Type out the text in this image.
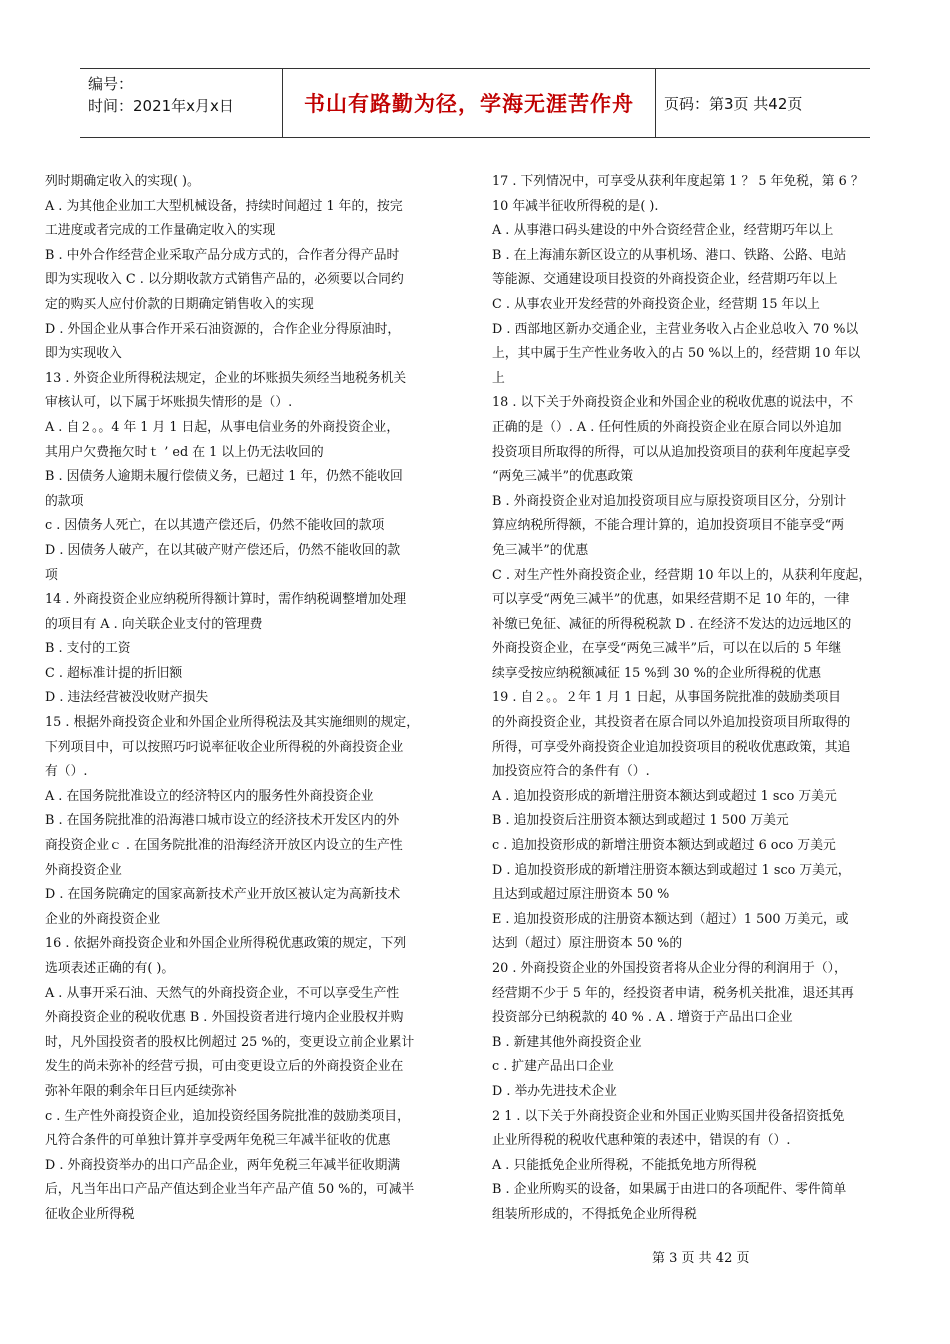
编号：
时间：2021年x月x日	书山有路勤为径，学海无涯苦作舟	页码：第3页 共42页

列时期确定收入的实现( )。

A . 为其他企业加工大型机械设备，持续时间超过 1 年的，按完

工进度或者完成的工作量确定收入的实现

B . 中外合作经营企业采取产品分成方式的，合作者分得产品时

即为实现收入 C . 以分期收款方式销售产品的，必须要以合同约

定的购买人应付价款的日期确定销售收入的实现

D . 外国企业从事合作开采石油资源的，合作企业分得原油时，

即为实现收入

13 . 外资企业所得税法规定，企业的坏账损失须经当地税务机关

审核认可，以下属于坏账损失情形的是（）.

A . 自２。。4 年 1 月 1 日起，从事电信业务的外商投资企业，

其用户欠费拖欠时ｔ ’ ed 在 1 以上仍无法收回的

B . 因债务人逾期未履行偿债义务，已超过 1 年，仍然不能收回

的款项

c . 因债务人死亡，在以其遗产偿还后，仍然不能收回的款项

D . 因债务人破产，在以其破产财产偿还后，仍然不能收回的款

项

14 . 外商投资企业应纳税所得额计算时，需作纳税调整增加处理

的项目有 A . 向关联企业支付的管理费

B . 支付的工资

C . 超标准计提的折旧额

D . 违法经营被没收财产损失

15 . 根据外商投资企业和外国企业所得税法及其实施细则的规定，

下列项目中，可以按照巧叼说率征收企业所得税的外商投资企业

有（）.

A . 在国务院批准设立的经济特区内的服务性外商投资企业

B . 在国务院批准的沿海港口城市设立的经济技术开发区内的外

商投资企业ｃ . 在国务院批准的沿海经济开放区内设立的生产性

外商投资企业

D . 在国务院确定的国家高新技术产业开放区被认定为高新技术

企业的外商投资企业

16 . 依据外商投资企业和外国企业所得税优惠政策的规定，下列

选项表述正确的有( )。

A . 从事开采石油、天然气的外商投资企业，不可以享受生产性

外商投资企业的税收优惠 B . 外国投资者进行境内企业股权并购

时，凡外国投资者的股权比例超过 25 %的，变更设立前企业累计

发生的尚未弥补的经营亏损，可由变更设立后的外商投资企业在

弥补年限的剩余年日巨内延续弥补

c . 生产性外商投资企业，追加投资经国务院批准的鼓励类项目，

凡符合条件的可单独计算并享受两年免税三年减半征收的优惠

D . 外商投资举办的出口产品企业，两年免税三年减半征收期满

后，凡当年出口产品产值达到企业当年产品产值 50 %的，可减半

征收企业所得税

17 . 下列情况中，可享受从获利年度起第 1 ？ 5 年免税，第 6 ？

10 年减半征收所得税的是( ).

A . 从事港口码头建设的中外合资经营企业，经营期巧年以上

B . 在上海浦东新区设立的从事机场、港口、铁路、公路、电站

等能源、交通建设项目投资的外商投资企业，经营期巧年以上

C . 从事农业开发经营的外商投资企业，经营期 15 年以上

D . 西部地区新办交通企业，主营业务收入占企业总收入 70 %以

上，其中属于生产性业务收入的占 50 %以上的，经营期 10 年以

上

18 . 以下关于外商投资企业和外国企业的税收优惠的说法中，不

正确的是（）. A . 任何性质的外商投资企业在原合同以外追加

投资项目所取得的所得，可以从追加投资项目的获利年度起享受

“两免三减半”的优惠政策

B . 外商投资企业对追加投资项目应与原投资项目区分，分别计

算应纳税所得额，不能合理计算的，追加投资项目不能享受“两

免三减半”的优惠

C . 对生产性外商投资企业，经营期 10 年以上的，从获利年度起，

可以享受“两免三减半”的优惠，如果经营期不足 10 年的，一律

补缴已免征、减征的所得税税款 D . 在经济不发达的边远地区的

外商投资企业，在享受“两免三减半”后，可以在以后的 5 年继

续享受按应纳税额减征 15 %到 30 %的企业所得税的优惠

19 . 自２。。２年 1 月 1 日起，从事国务院批准的鼓励类项目

的外商投资企业，其投资者在原合同以外追加投资项目所取得的

所得，可享受外商投资企业追加投资项目的税收优惠政策，其追

加投资应符合的条件有（）.

A . 追加投资形成的新增注册资本额达到或超过 1 sco 万美元

B . 追加投资后注册资本额达到或超过 1 500 万美元

c . 追加投资形成的新增注册资本额达到或超过 6 oco 万美元

D . 追加投资形成的新增注册资本额达到或超过 1 sco 万美元，

且达到或超过原注册资本 50 %

E . 追加投资形成的注册资本额达到（超过）1 500 万美元，或

达到（超过）原注册资本 50 %的

20 . 外商投资企业的外国投资者将从企业分得的利润用于（），

经营期不少于 5 年的，经投资者申请，税务机关批准，退还其再

投资部分已纳税款的 40 % . A . 增资于产品出口企业

B . 新建其他外商投资企业

c . 扩建产品出口企业

D . 举办先进技术企业

2 1 . 以下关于外商投资企业和外国正业购买国井役备招资抵免

止业所得税的税收代惠种策的表述中，错误的有（）.

A . 只能抵免企业所得税，不能抵免地方所得税

B . 企业所购买的设备，如果属于由进口的各项配件、零件简单

组装所形成的，不得抵免企业所得税

第 3 页 共 42 页
